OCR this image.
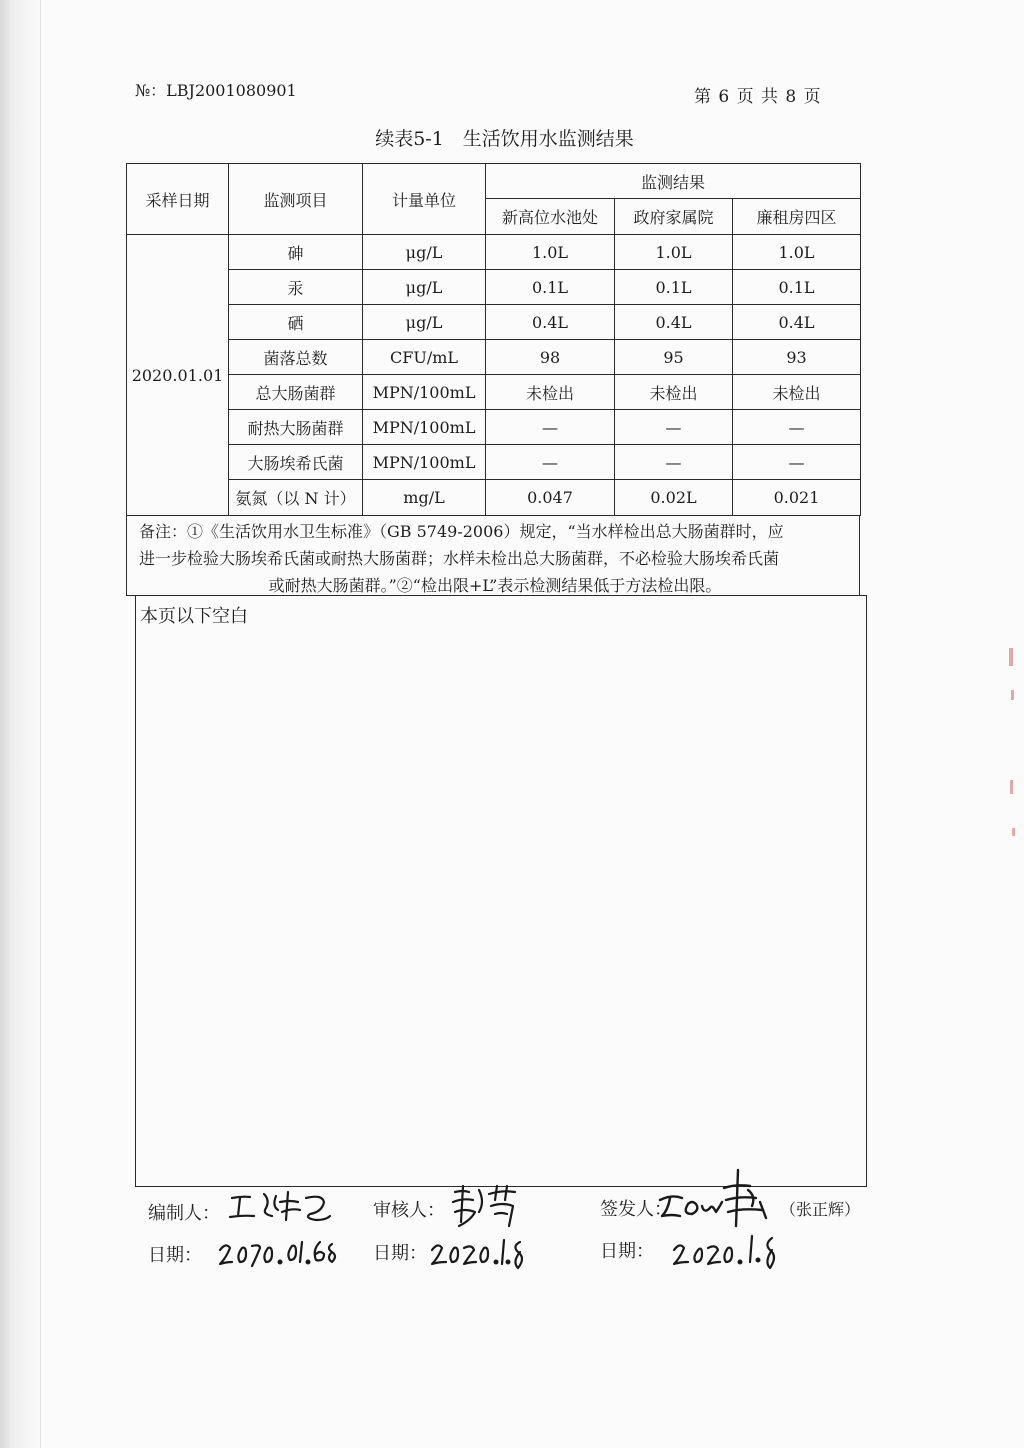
№：LBJ2001080901	第 6 页 共 8 页
续表5-1　生活饮用水监测结果
采样日期	监测项目	计量单位	监测结果		
			新高位水池处	政府家属院	廉租房四区
2020.01.01	砷	μg/L	1.0L	1.0L	1.0L
	汞	μg/L	0.1L	0.1L	0.1L
	硒	μg/L	0.4L	0.4L	0.4L
	菌落总数	CFU/mL	98	95	93
	总大肠菌群	MPN/100mL	未检出	未检出	未检出
	耐热大肠菌群	MPN/100mL	—	—	—
	大肠埃希氏菌	MPN/100mL	—	—	—
	氨氮（以 N 计）	mg/L	0.047	0.02L	0.021
备注：①《生活饮用水卫生标准》（GB 5749-2006）规定，“当水样检出总大肠菌群时，应
进一步检验大肠埃希氏菌或耐热大肠菌群；水样未检出总大肠菌群，不必检验大肠埃希氏菌
或耐热大肠菌群。”②“检出限+L”表示检测结果低于方法检出限。
本页以下空白
编制人：	审核人：	签发人：	（张正辉）
日期：	日期：	日期：
